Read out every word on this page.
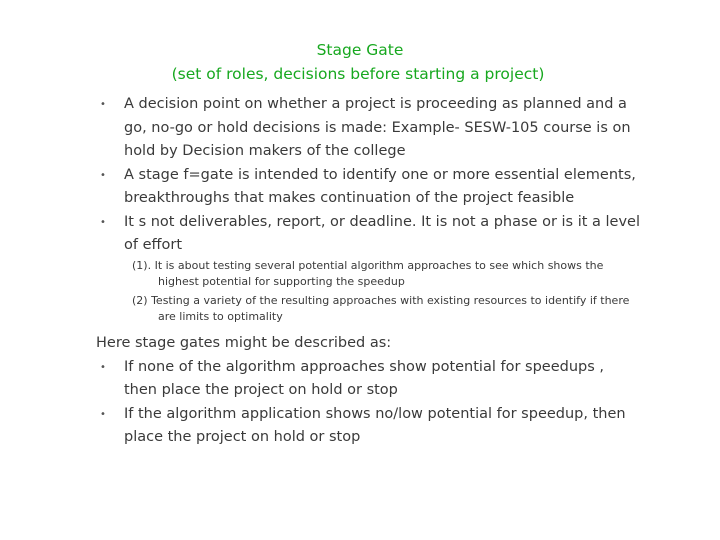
Stage Gate
(set of roles, decisions before starting a project)
• A decision point on whether a project is proceeding as planned and a go, no-go or hold decisions is made: Example- SESW-105 course is on hold by Decision makers of the college
• A stage f=gate is intended to identify one or more essential elements, breakthroughs that makes continuation of the project feasible
• It s not deliverables, report, or deadline. It is not a phase or is it a level of effort
(1). It is about testing several potential algorithm approaches to see which shows the highest potential for supporting the speedup
(2) Testing a variety of the resulting approaches with existing resources to identify if there are limits to optimality
Here stage gates might be described as:
• If none of the algorithm approaches show potential for speedups , then place the project on hold or stop
• If the algorithm application shows no/low potential for speedup, then place the project on hold or stop
